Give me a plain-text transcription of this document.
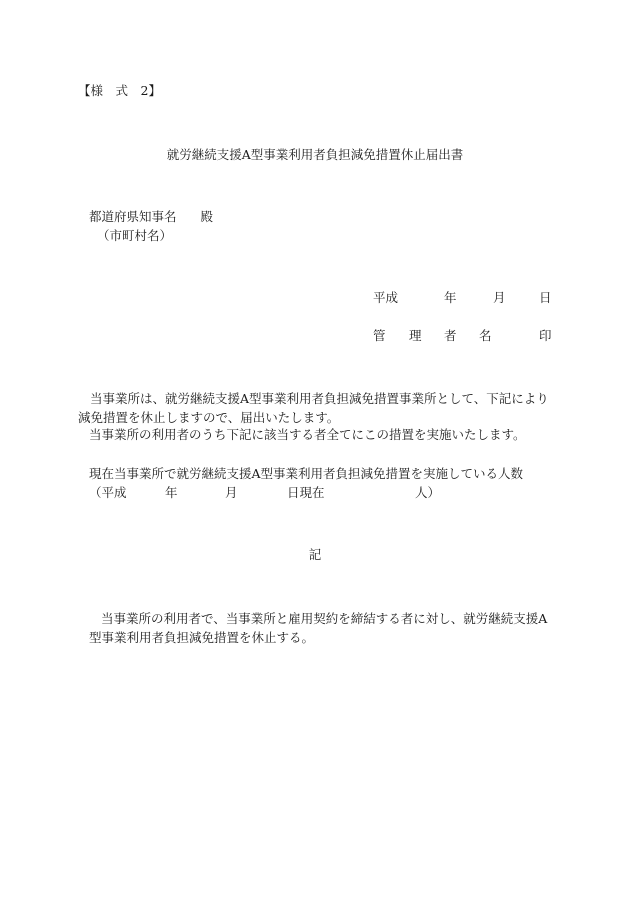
【様　式　2】
就労継続支援A型事業利用者負担減免措置休止届出書
都道府県知事名 殿
（市町村名）
平成	年	月	日
管 理 者 名	印
当事業所は、就労継続支援A型事業利用者負担減免措置事業所として、下記により減免措置を休止しますので、届出いたします。
当事業所の利用者のうち下記に該当する者全てにこの措置を実施いたします。
現在当事業所で就労継続支援A型事業利用者負担減免措置を実施している人数
（平成	年	月	日現在	人）
記
当事業所の利用者で、当事業所と雇用契約を締結する者に対し、就労継続支援A型事業利用者負担減免措置を休止する。
